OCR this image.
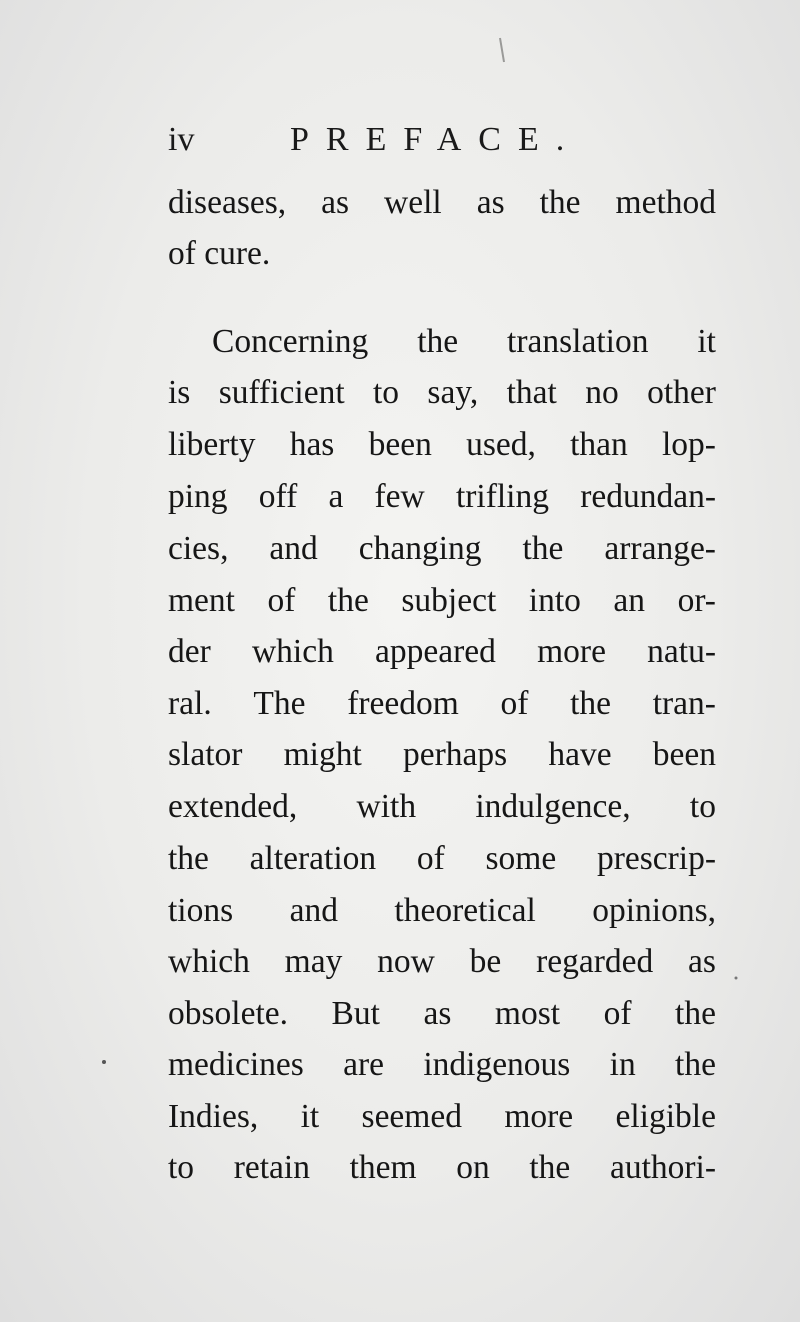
iv	PREFACE.
diseases, as well as the method
of cure.
Concerning the translation it
is sufficient to say, that no other
liberty has been used, than lop-
ping off a few trifling redundan-
cies, and changing the arrange-
ment of the subject into an or-
der which appeared more natu-
ral. The freedom of the tran-
slator might perhaps have been
extended, with indulgence, to
the alteration of some prescrip-
tions and theoretical opinions,
which may now be regarded as
obsolete. But as most of the
medicines are indigenous in the
Indies, it seemed more eligible
to retain them on the authori-
